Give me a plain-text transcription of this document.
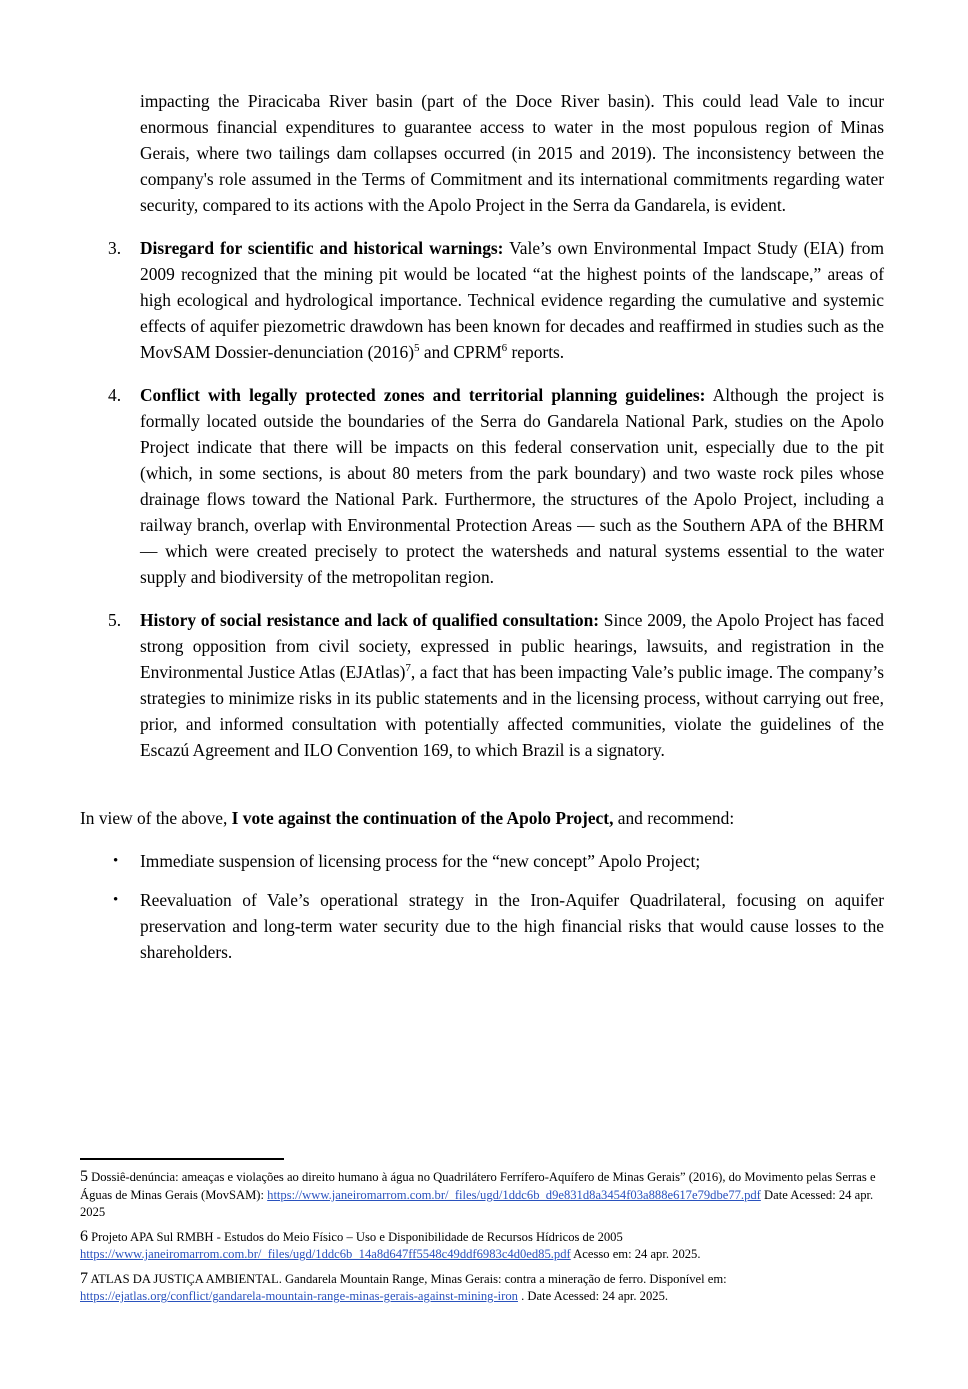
impacting the Piracicaba River basin (part of the Doce River basin). This could lead Vale to incur enormous financial expenditures to guarantee access to water in the most populous region of Minas Gerais, where two tailings dam collapses occurred (in 2015 and 2019). The inconsistency between the company's role assumed in the Terms of Commitment and its international commitments regarding water security, compared to its actions with the Apolo Project in the Serra da Gandarela, is evident.

3. Disregard for scientific and historical warnings: Vale’s own Environmental Impact Study (EIA) from 2009 recognized that the mining pit would be located “at the highest points of the landscape,” areas of high ecological and hydrological importance. Technical evidence regarding the cumulative and systemic effects of aquifer piezometric drawdown has been known for decades and reaffirmed in studies such as the MovSAM Dossier-denunciation (2016)$^5$ and CPRM$^6$ reports.
4. Conflict with legally protected zones and territorial planning guidelines: Although the project is formally located outside the boundaries of the Serra do Gandarela National Park, studies on the Apolo Project indicate that there will be impacts on this federal conservation unit, especially due to the pit (which, in some sections, is about 80 meters from the park boundary) and two waste rock piles whose drainage flows toward the National Park. Furthermore, the structures of the Apolo Project, including a railway branch, overlap with Environmental Protection Areas — such as the Southern APA of the BHRM — which were created precisely to protect the watersheds and natural systems essential to the water supply and biodiversity of the metropolitan region.
5. History of social resistance and lack of qualified consultation: Since 2009, the Apolo Project has faced strong opposition from civil society, expressed in public hearings, lawsuits, and registration in the Environmental Justice Atlas (EJAtlas)$^7$, a fact that has been impacting Vale’s public image. The company’s strategies to minimize risks in its public statements and in the licensing process, without carrying out free, prior, and informed consultation with potentially affected communities, violate the guidelines of the Escazú Agreement and ILO Convention 169, to which Brazil is a signatory.

In view of the above, I vote against the continuation of the Apolo Project, and recommend:

• Immediate suspension of licensing process for the “new concept” Apolo Project;
• Reevaluation of Vale’s operational strategy in the Iron-Aquifer Quadrilateral, focusing on aquifer preservation and long-term water security due to the high financial risks that would cause losses to the shareholders.
5 Dossiê-denúncia: ameaças e violações ao direito humano à água no Quadrilátero Ferrífero-Aquífero de Minas Gerais” (2016), do Movimento pelas Serras e Águas de Minas Gerais (MovSAM): https://www.janeiromarrom.com.br/_files/ugd/1ddc6b_d9e831d8a3454f03a888e617e79dbe77.pdf Date Acessed: 24 apr. 2025
6 Projeto APA Sul RMBH - Estudos do Meio Físico – Uso e Disponibilidade de Recursos Hídricos de 2005 https://www.janeiromarrom.com.br/_files/ugd/1ddc6b_14a8d647ff5548c49ddf6983c4d0ed85.pdf Acesso em: 24 apr. 2025.
7 ATLAS DA JUSTIÇA AMBIENTAL. Gandarela Mountain Range, Minas Gerais: contra a mineração de ferro. Disponível em: https://ejatlas.org/conflict/gandarela-mountain-range-minas-gerais-against-mining-iron . Date Acessed: 24 apr. 2025.
